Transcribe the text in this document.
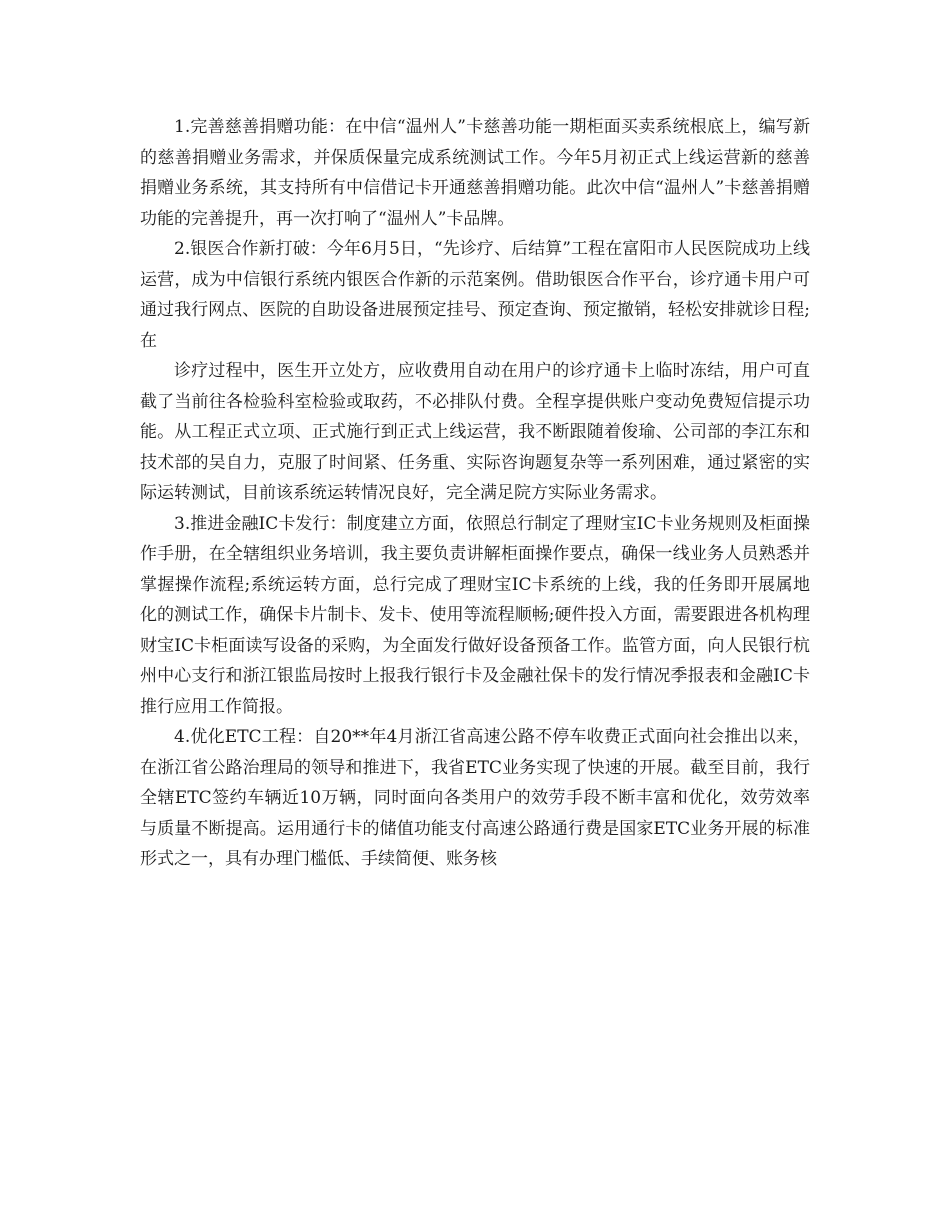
1.完善慈善捐赠功能：在中信“温州人”卡慈善功能一期柜面买卖系统根底上，编写新的慈善捐赠业务需求，并保质保量完成系统测试工作。今年5月初正式上线运营新的慈善捐赠业务系统，其支持所有中信借记卡开通慈善捐赠功能。此次中信“温州人”卡慈善捐赠功能的完善提升，再一次打响了“温州人”卡品牌。

2.银医合作新打破：今年6月5日，“先诊疗、后结算”工程在富阳市人民医院成功上线运营，成为中信银行系统内银医合作新的示范案例。借助银医合作平台，诊疗通卡用户可通过我行网点、医院的自助设备进展预定挂号、预定查询、预定撤销，轻松安排就诊日程;在

诊疗过程中，医生开立处方，应收费用自动在用户的诊疗通卡上临时冻结，用户可直截了当前往各检验科室检验或取药，不必排队付费。全程享提供账户变动免费短信提示功能。从工程正式立项、正式施行到正式上线运营，我不断跟随着俊瑜、公司部的李江东和技术部的吴自力，克服了时间紧、任务重、实际咨询题复杂等一系列困难，通过紧密的实际运转测试，目前该系统运转情况良好，完全满足院方实际业务需求。

3.推进金融IC卡发行：制度建立方面，依照总行制定了理财宝IC卡业务规则及柜面操作手册，在全辖组织业务培训，我主要负责讲解柜面操作要点，确保一线业务人员熟悉并掌握操作流程;系统运转方面，总行完成了理财宝IC卡系统的上线，我的任务即开展属地化的测试工作，确保卡片制卡、发卡、使用等流程顺畅;硬件投入方面，需要跟进各机构理财宝IC卡柜面读写设备的采购，为全面发行做好设备预备工作。监管方面，向人民银行杭州中心支行和浙江银监局按时上报我行银行卡及金融社保卡的发行情况季报表和金融IC卡推行应用工作简报。

4.优化ETC工程：自20**年4月浙江省高速公路不停车收费正式面向社会推出以来，在浙江省公路治理局的领导和推进下，我省ETC业务实现了快速的开展。截至目前，我行全辖ETC签约车辆近10万辆，同时面向各类用户的效劳手段不断丰富和优化，效劳效率与质量不断提高。运用通行卡的储值功能支付高速公路通行费是国家ETC业务开展的标准形式之一，具有办理门槛低、手续简便、账务核
